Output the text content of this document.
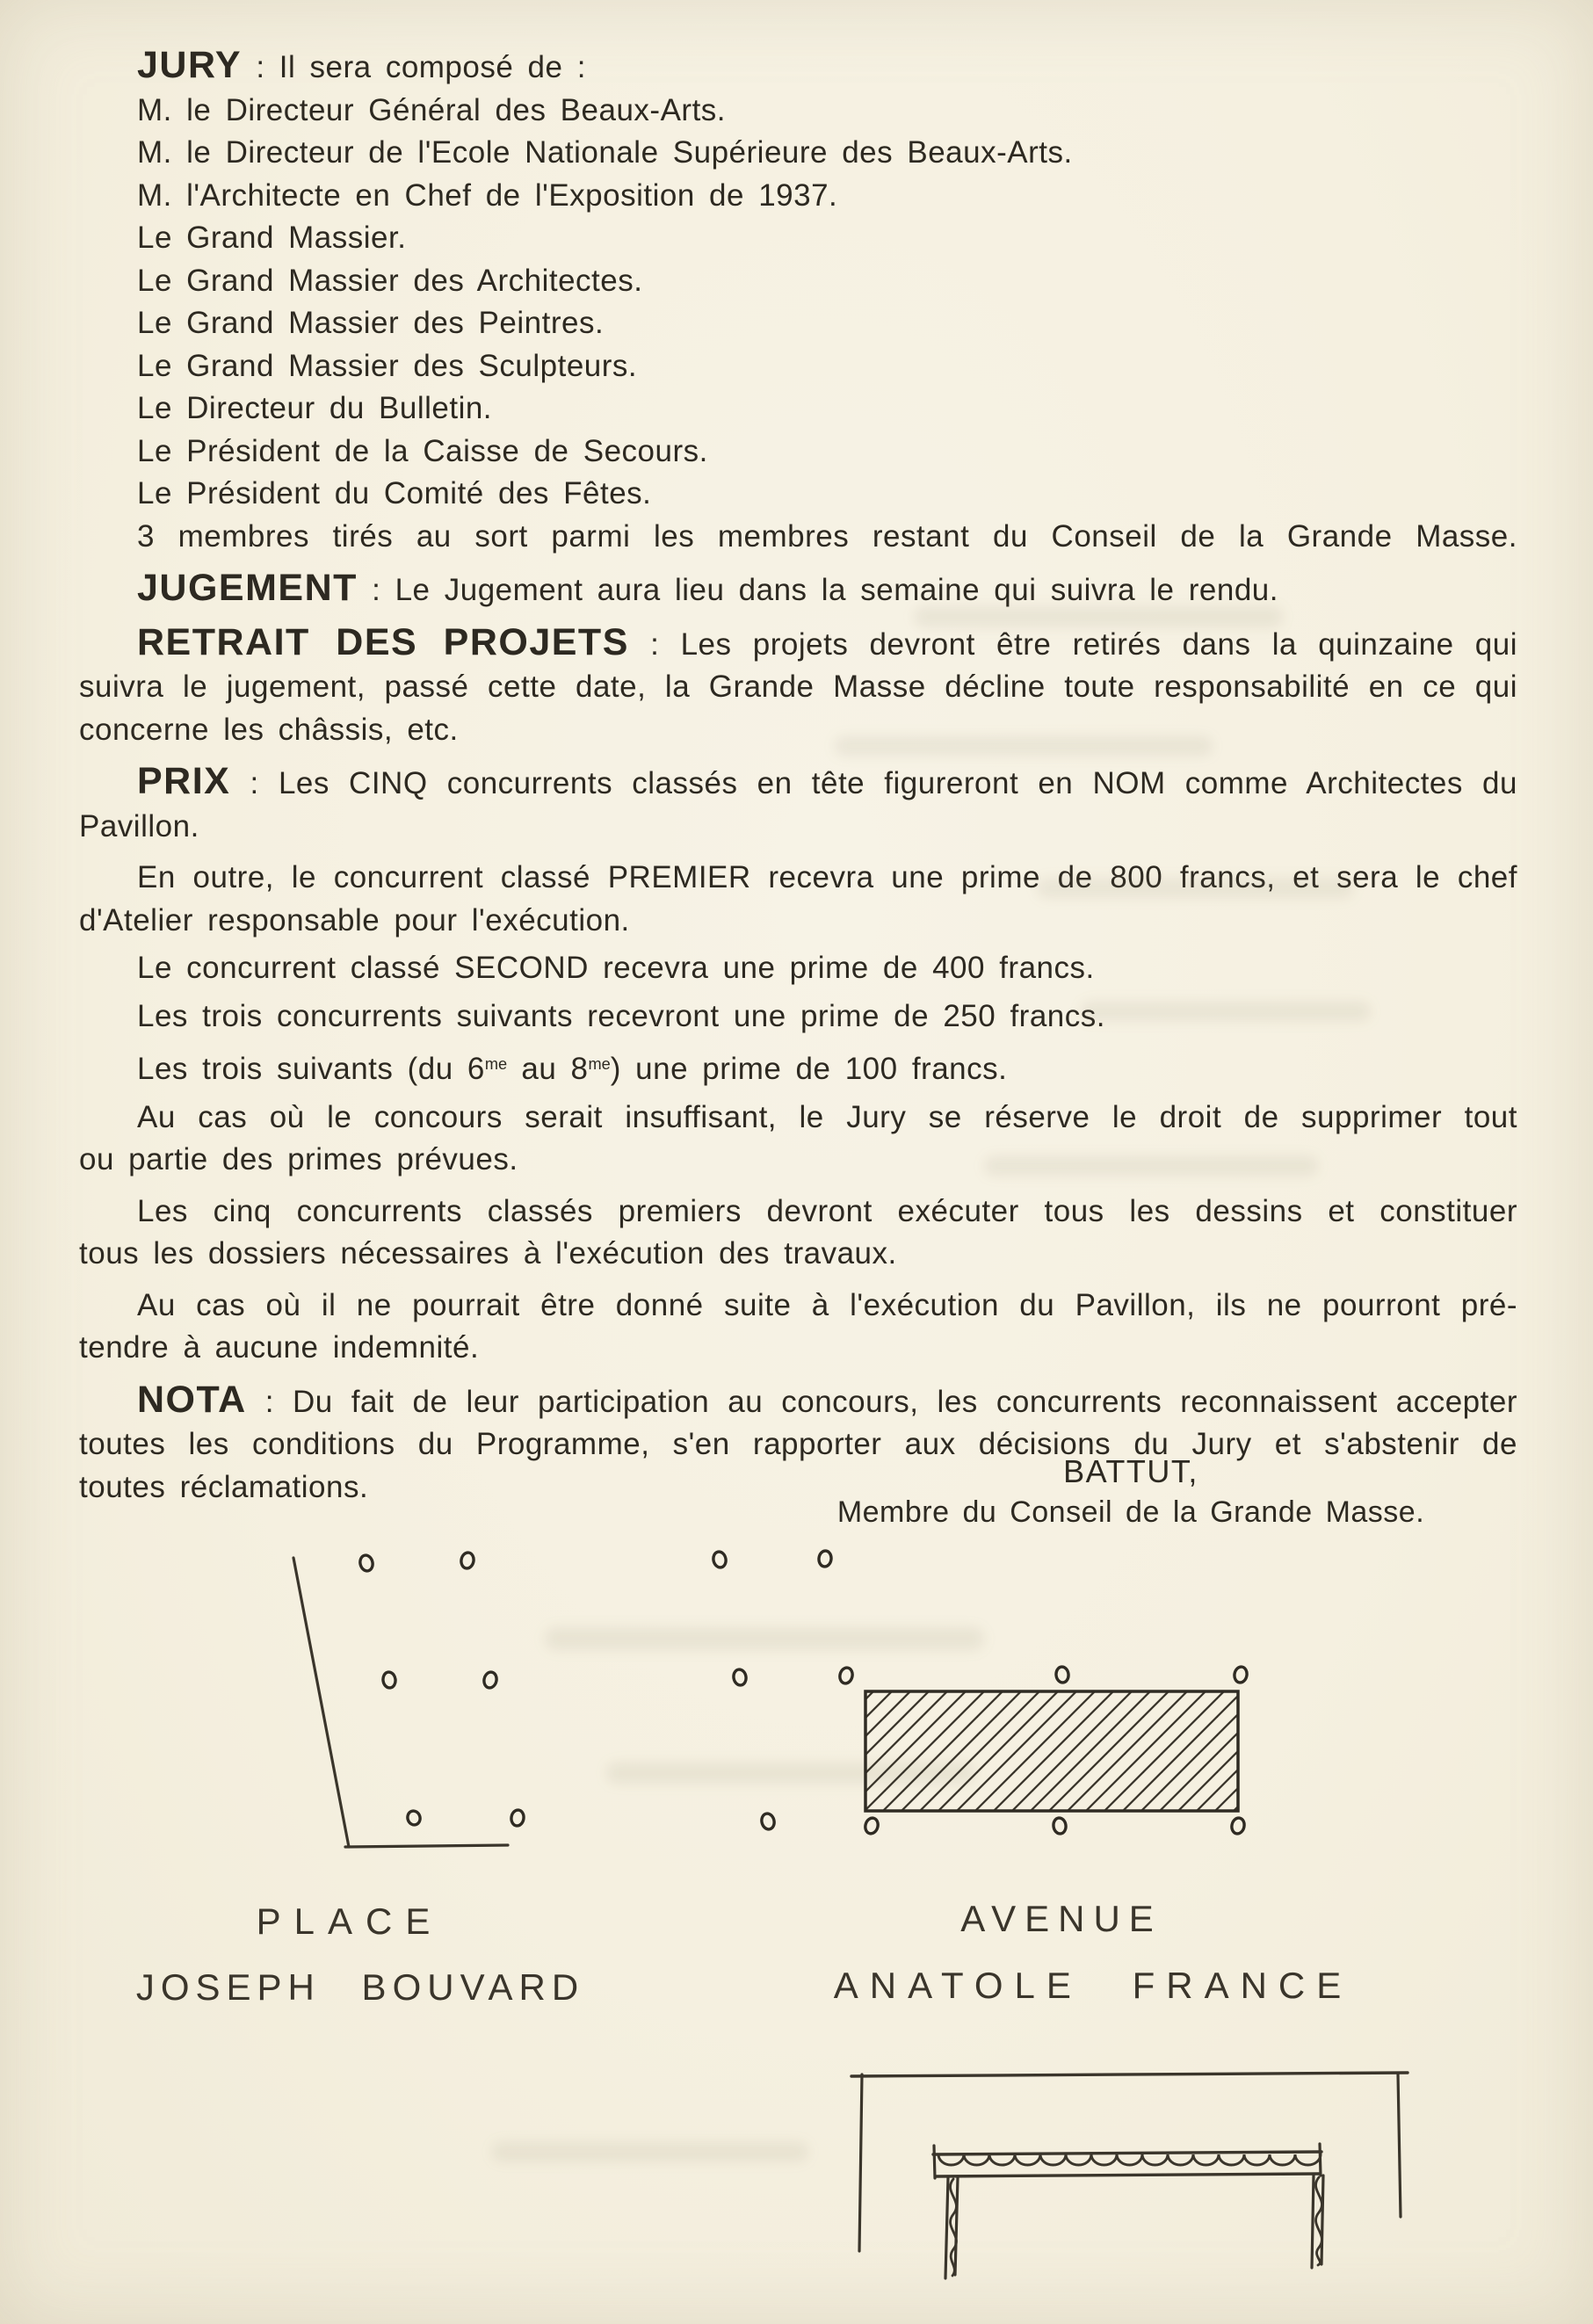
JURY : Il sera composé de :
M. le Directeur Général des Beaux-Arts.
M. le Directeur de l'Ecole Nationale Supérieure des Beaux-Arts.
M. l'Architecte en Chef de l'Exposition de 1937.
Le Grand Massier.
Le Grand Massier des Architectes.
Le Grand Massier des Peintres.
Le Grand Massier des Sculpteurs.
Le Directeur du Bulletin.
Le Président de la Caisse de Secours.
Le Président du Comité des Fêtes.
3 membres tirés au sort parmi les membres restant du Conseil de la Grande Masse.
JUGEMENT : Le Jugement aura lieu dans la semaine qui suivra le rendu.
RETRAIT DES PROJETS : Les projets devront être retirés dans la quinzaine qui
suivra le jugement, passé cette date, la Grande Masse décline toute responsabilité en ce qui
concerne les châssis, etc.
PRIX : Les CINQ concurrents classés en tête figureront en NOM comme Architectes du
Pavillon.
En outre, le concurrent classé PREMIER recevra une prime de 800 francs, et sera le chef
d'Atelier responsable pour l'exécution.
Le concurrent classé SECOND recevra une prime de 400 francs.
Les trois concurrents suivants recevront une prime de 250 francs.
Les trois suivants (du $6^{me}$ au $8^{me}$) une prime de 100 francs.
Au cas où le concours serait insuffisant, le Jury se réserve le droit de supprimer tout
ou partie des primes prévues.
Les cinq concurrents classés premiers devront exécuter tous les dessins et constituer
tous les dossiers nécessaires à l'exécution des travaux.
Au cas où il ne pourrait être donné suite à l'exécution du Pavillon, ils ne pourront pré-
tendre à aucune indemnité.
NOTA : Du fait de leur participation au concours, les concurrents reconnaissent accepter
toutes les conditions du Programme, s'en rapporter aux décisions du Jury et s'abstenir de
toutes réclamations.	BATTUT,
Membre du Conseil de la Grande Masse.
PLACE
JOSEPH BOUVARD
AVENUE
ANATOLE FRANCE
